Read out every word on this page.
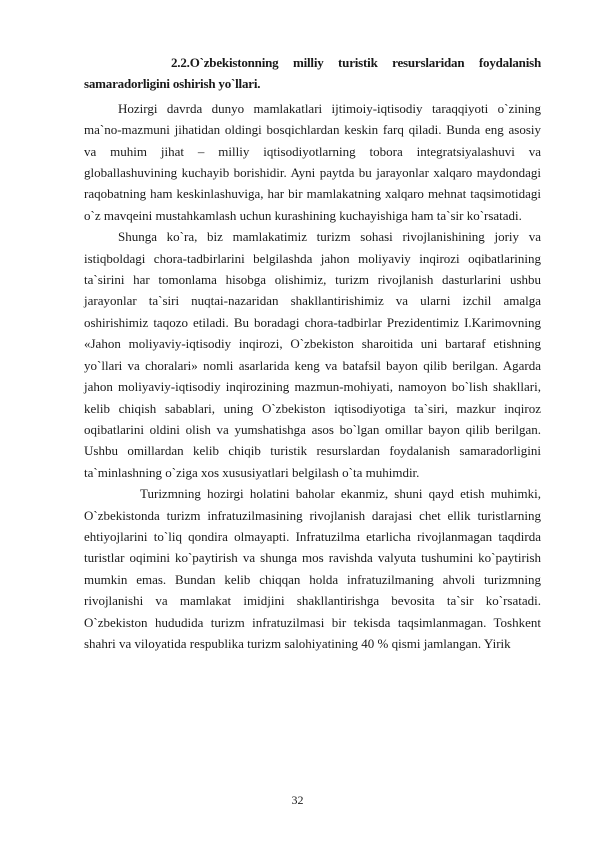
2.2.O`zbekistonning milliy turistik resurslaridan foydalanish samaradorligini oshirish yo`llari.

Hozirgi davrda dunyo mamlakatlari ijtimoiy-iqtisodiy taraqqiyoti o`zining ma`no-mazmuni jihatidan oldingi bosqichlardan keskin farq qiladi. Bunda eng asosiy va muhim jihat – milliy iqtisodiyotlarning tobora integratsiyalashuvi va globallashuvining kuchayib borishidir. Ayni paytda bu jarayonlar xalqaro maydondagi raqobatning ham keskinlashuviga, har bir mamlakatning xalqaro mehnat taqsimotidagi o`z mavqeini mustahkamlash uchun kurashining kuchayishiga ham ta`sir ko`rsatadi.

Shunga ko`ra, biz mamlakatimiz turizm sohasi rivojlanishining joriy va istiqboldagi chora-tadbirlarini belgilashda jahon moliyaviy inqirozi oqibatlarining ta`sirini har tomonlama hisobga olishimiz, turizm rivojlanish dasturlarini ushbu jarayonlar ta`siri nuqtai-nazaridan shakllantirishimiz va ularni izchil amalga oshirishimiz taqozo etiladi. Bu boradagi chora-tadbirlar Prezidentimiz I.Karimovning «Jahon moliyaviy-iqtisodiy inqirozi, O`zbekiston sharoitida uni bartaraf etishning yo`llari va choralari» nomli asarlarida keng va batafsil bayon qilib berilgan. Agarda jahon moliyaviy-iqtisodiy inqirozining mazmun-mohiyati, namoyon bo`lish shakllari, kelib chiqish sabablari, uning O`zbekiston iqtisodiyotiga ta`siri, mazkur inqiroz oqibatlarini oldini olish va yumshatishga asos bo`lgan omillar bayon qilib berilgan. Ushbu omillardan kelib chiqib turistik resurslardan foydalanish samaradorligini ta`minlashning o`ziga xos xususiyatlari belgilash o`ta muhimdir.

Turizmning hozirgi holatini baholar ekanmiz, shuni qayd etish muhimki, O`zbekistonda turizm infratuzilmasining rivojlanish darajasi chet ellik turistlarning ehtiyojlarini to`liq qondira olmayapti. Infratuzilma etarlicha rivojlanmagan taqdirda turistlar oqimini ko`paytirish va shunga mos ravishda valyuta tushumini ko`paytirish mumkin emas. Bundan kelib chiqqan holda infratuzilmaning ahvoli turizmning rivojlanishi va mamlakat imidjini shakllantirishga bevosita ta`sir ko`rsatadi. O`zbekiston hududida turizm infratuzilmasi bir tekisda taqsimlanmagan. Toshkent shahri va viloyatida respublika turizm salohiyatining 40 % qismi jamlangan. Yirik

32
